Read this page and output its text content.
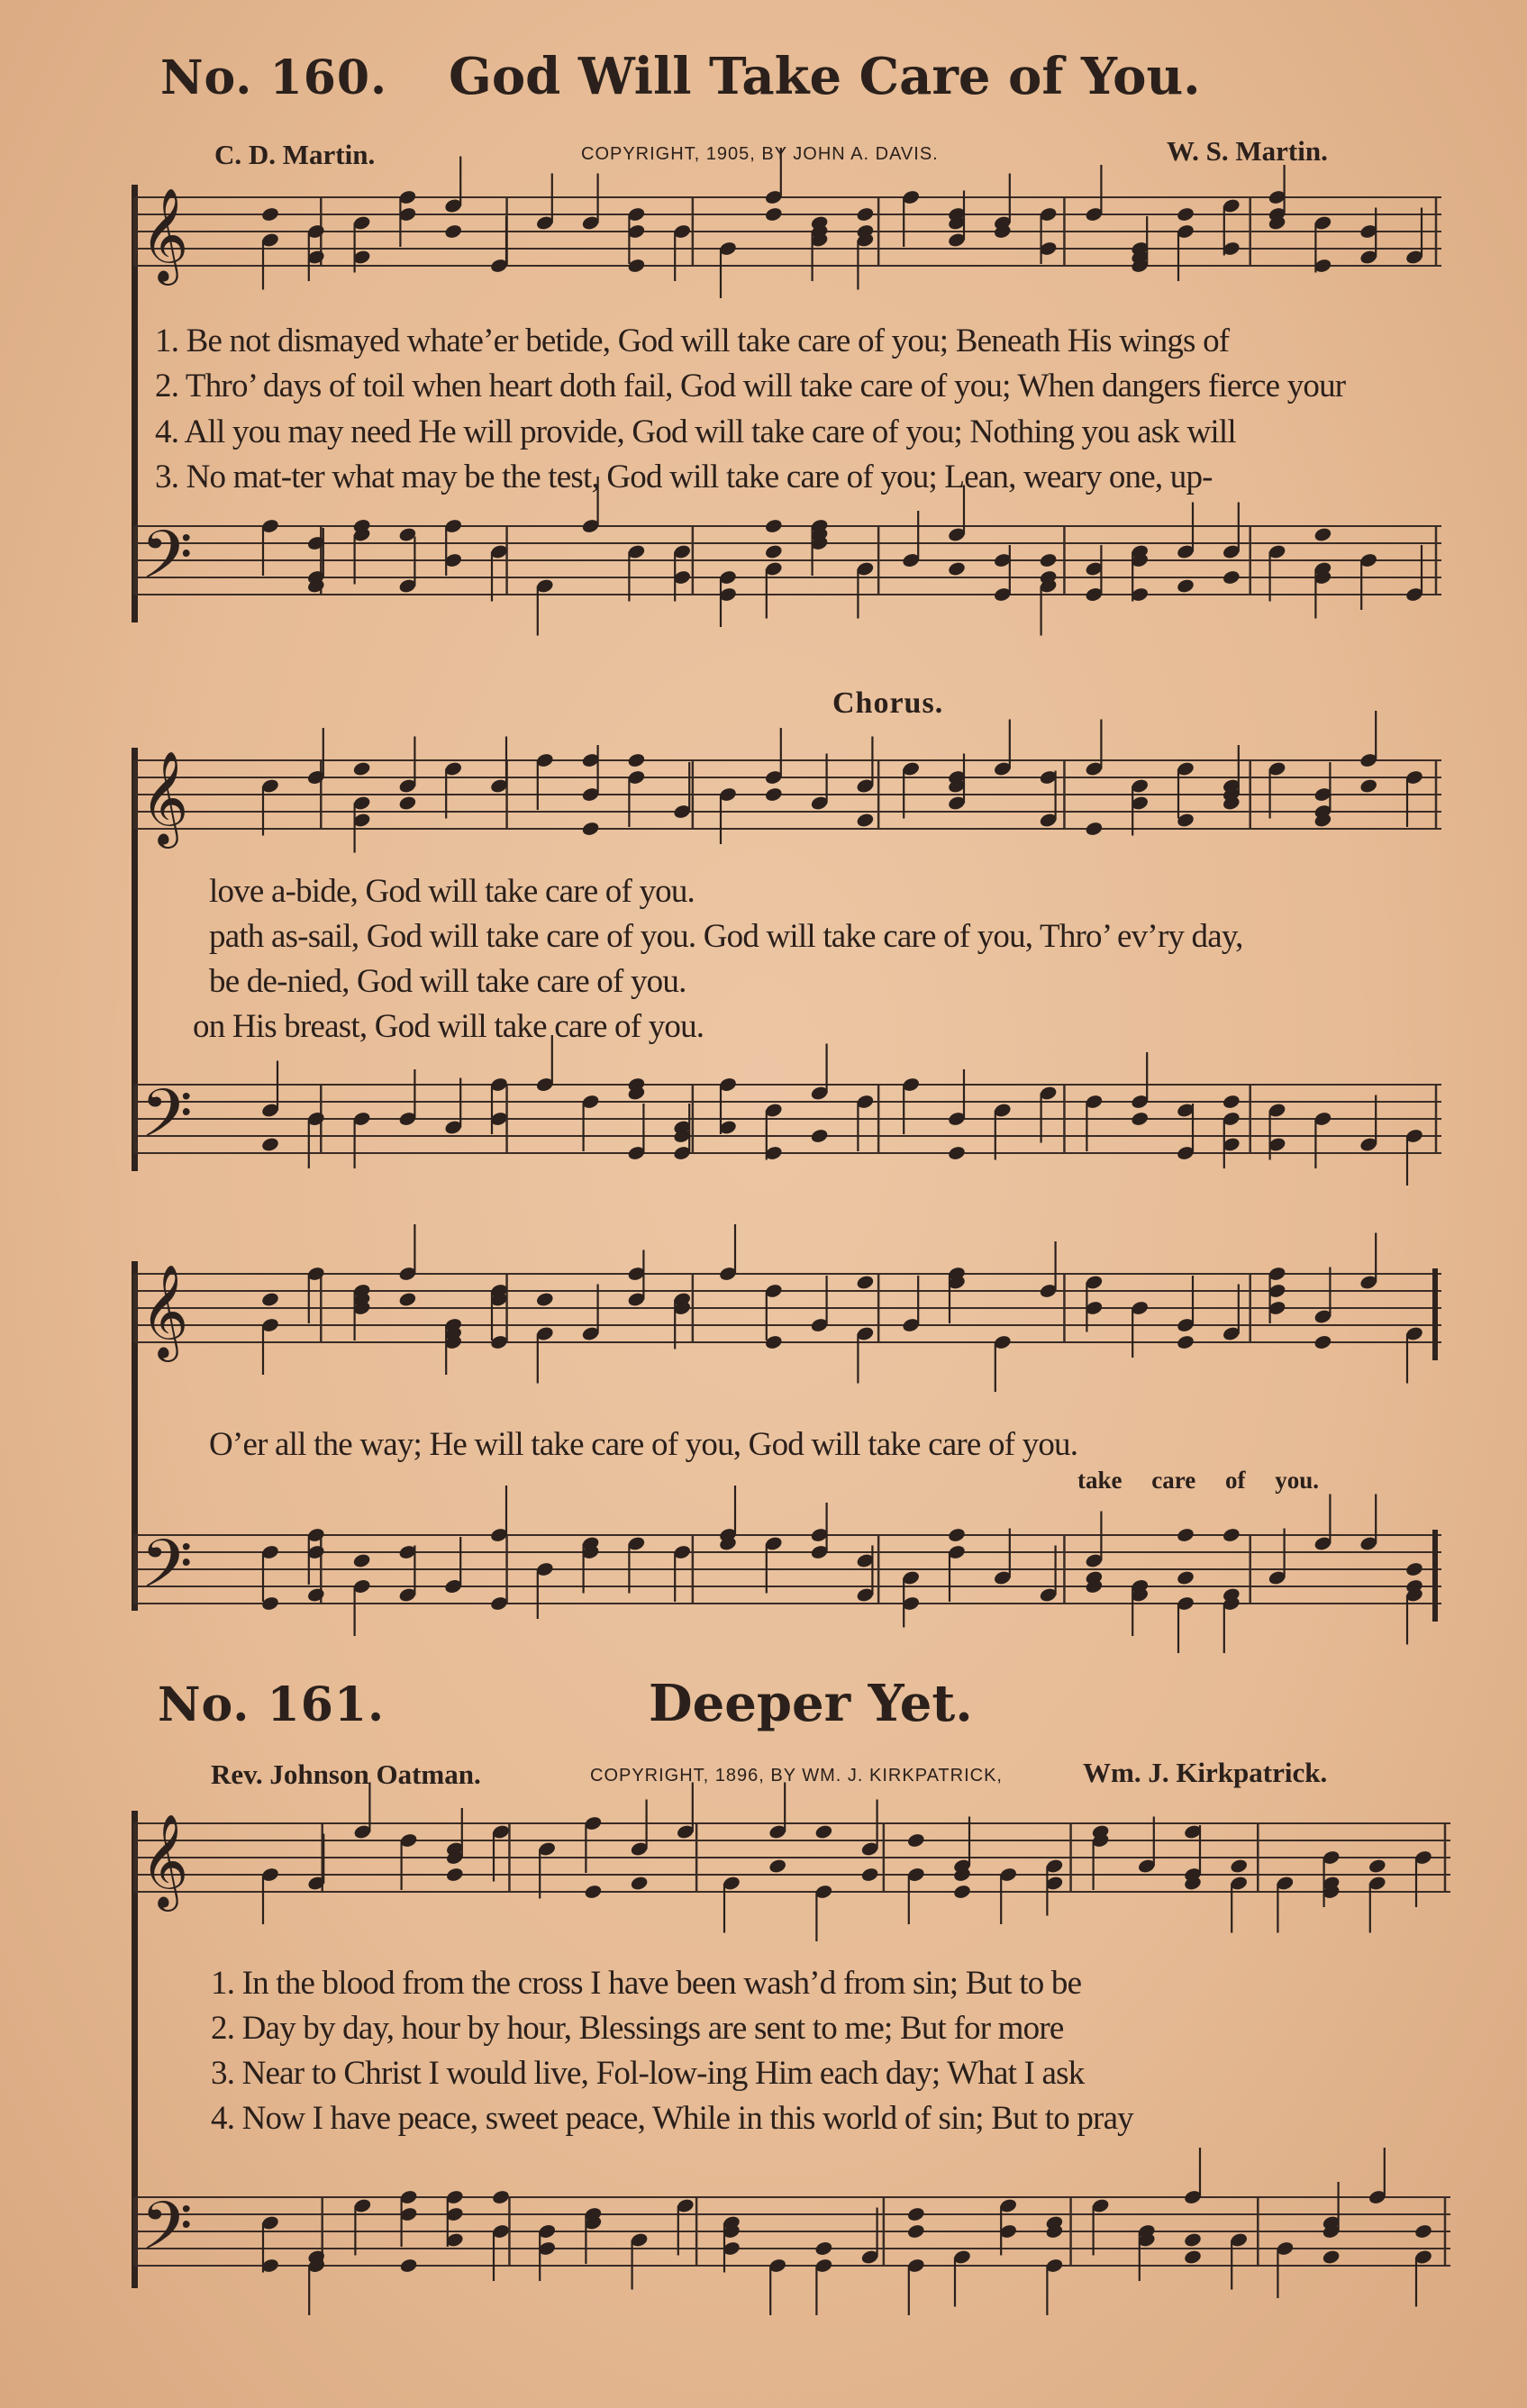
No. 160. God Will Take Care of You.
C. D. Martin.	COPYRIGHT, 1905, BY JOHN A. DAVIS.	W. S. Martin.
𝄞
1. Be not dismayed whate’er betide, God will take care of you; Beneath His wings of
2. Thro’ days of toil when heart doth fail, God will take care of you; When dangers fierce your
4. All you may need He will provide, God will take care of you; Nothing you ask will
3. No mat-ter what may be the test, God will take care of you; Lean, weary one, up-
𝄢
Chorus.
𝄞
love a-bide, God will take care of you.
path as-sail, God will take care of you. God will take care of you, Thro’ ev’ry day,
be de-nied, God will take care of you.
on His breast, God will take care of you.
𝄢
𝄞
O’er all the way; He will take care of you, God will take care of you.
take care of you.
𝄢
No. 161.	Deeper Yet.
Rev. Johnson Oatman.	COPYRIGHT, 1896, BY WM. J. KIRKPATRICK,	Wm. J. Kirkpatrick.
𝄞
1. In the blood from the cross I have been wash’d from sin; But to be
2. Day by day, hour by hour, Blessings are sent to me; But for more
3. Near to Christ I would live, Fol-low-ing Him each day; What I ask
4. Now I have peace, sweet peace, While in this world of sin; But to pray
𝄢
